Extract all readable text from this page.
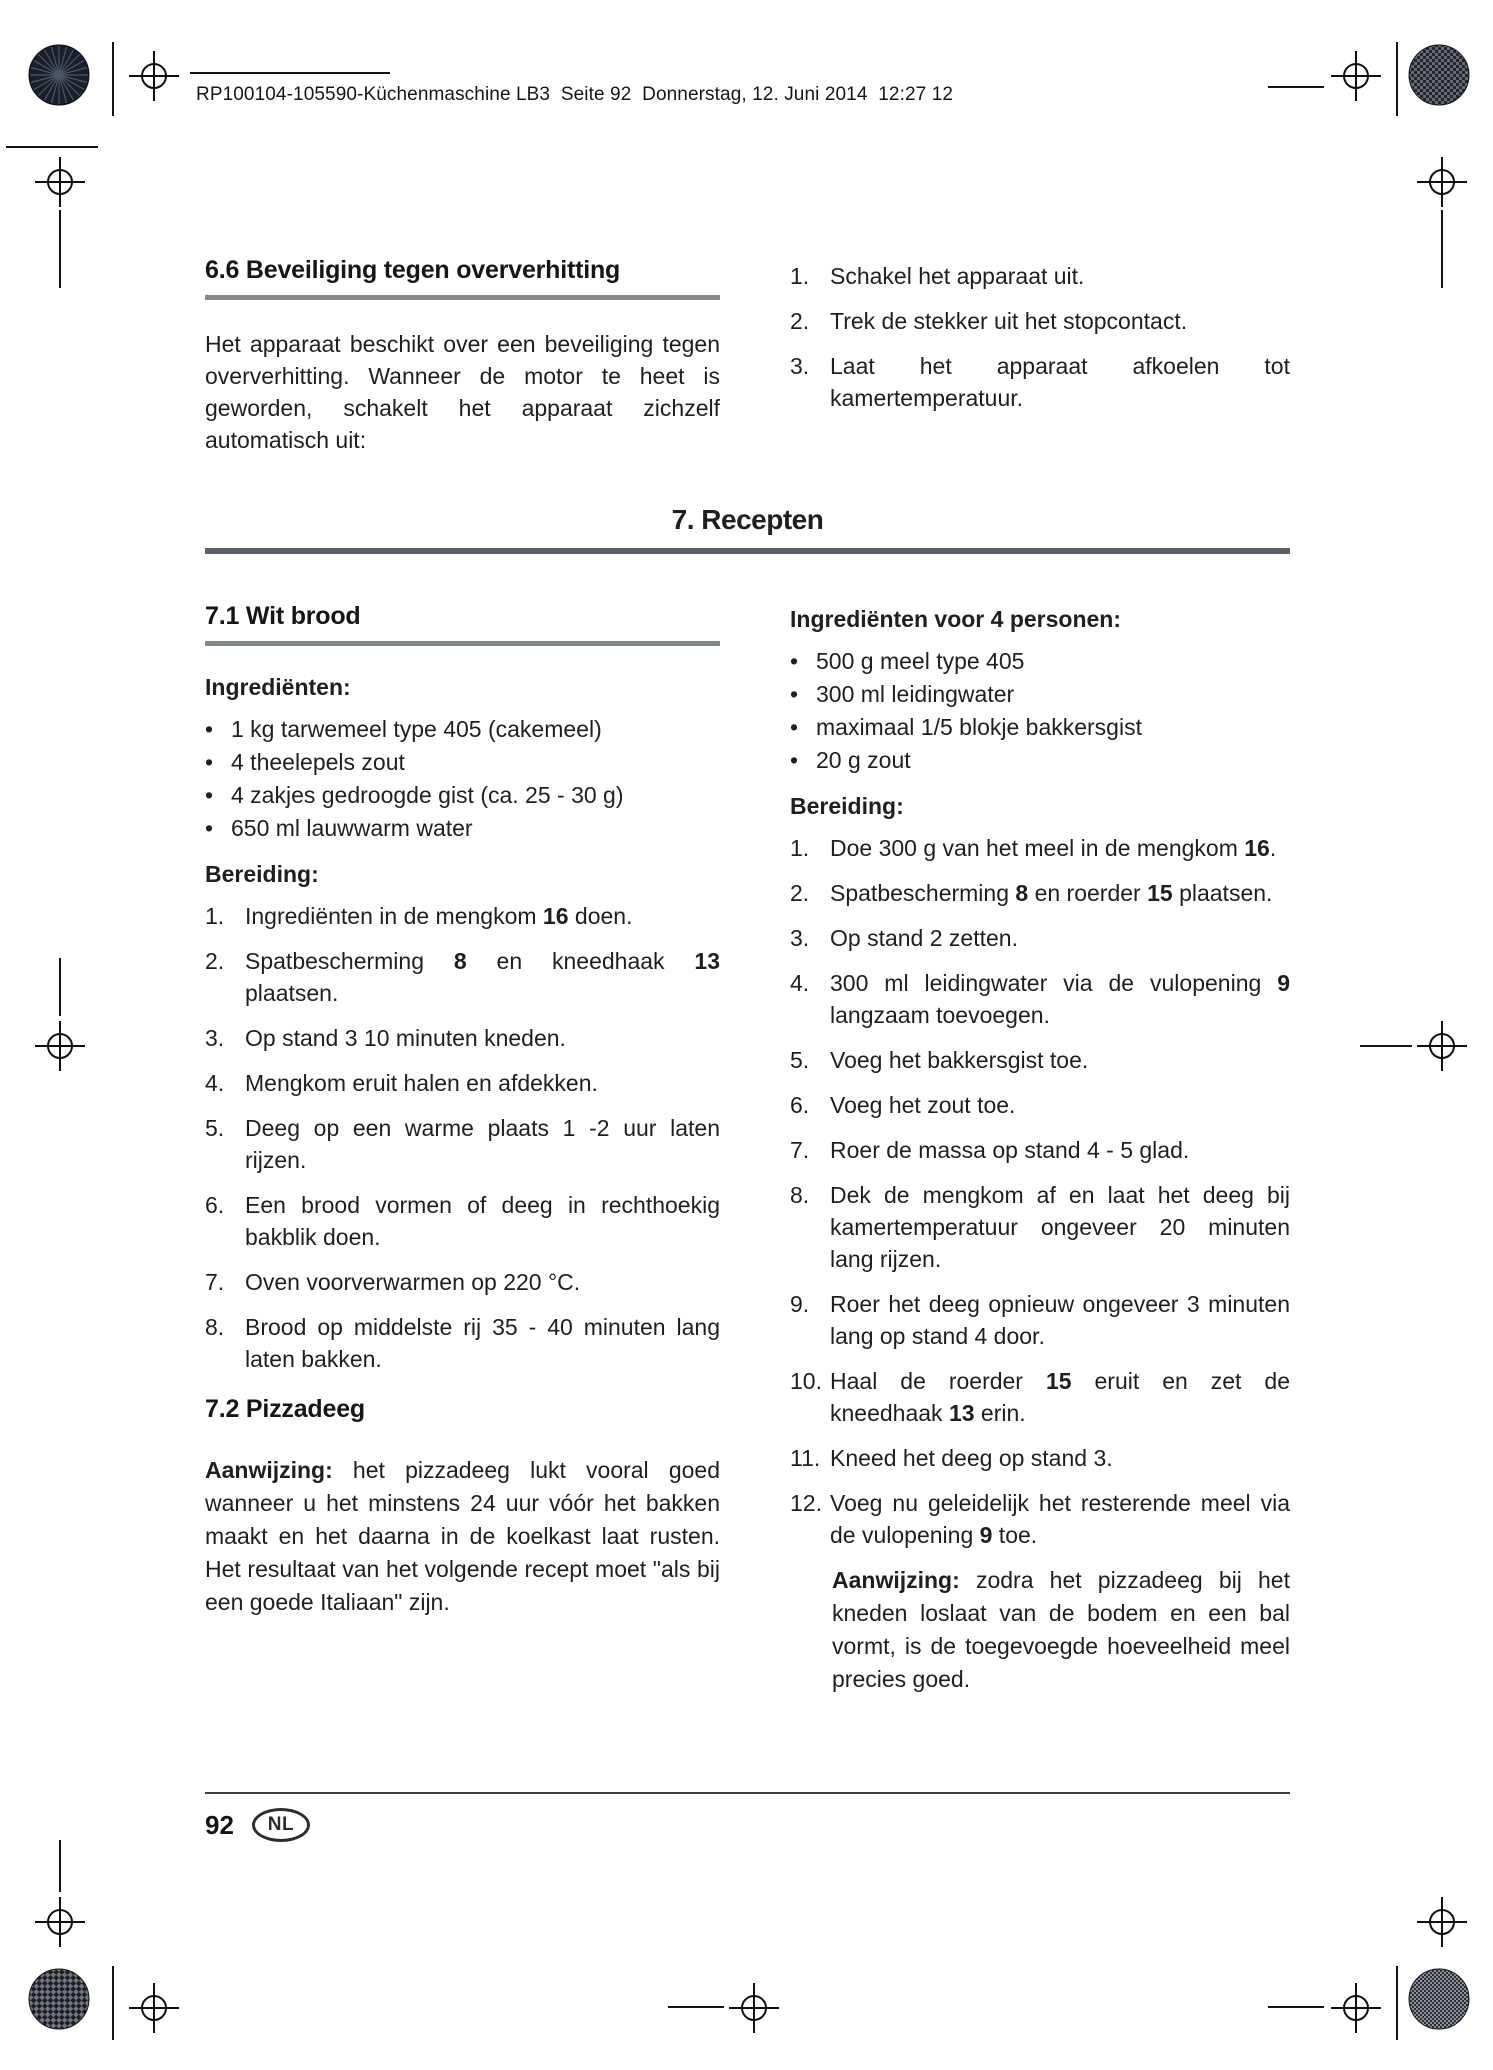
RP100104-105590-Küchenmaschine LB3  Seite 92  Donnerstag, 12. Juni 2014  12:27 12
6.6 Beveiliging tegen oververhitting

Het apparaat beschikt over een beveiliging tegen oververhitting. Wanneer de motor te heet is geworden, schakelt het apparaat zichzelf automatisch uit:

1. Schakel het apparaat uit.
2. Trek de stekker uit het stopcontact.
3. Laat het apparaat afkoelen tot kamertemperatuur.
7. Recepten
7.1 Wit brood
Ingrediënten:
• 1 kg tarwemeel type 405 (cakemeel)
• 4 theelepels zout
• 4 zakjes gedroogde gist (ca. 25 - 30 g)
• 650 ml lauwwarm water
Bereiding:
1. Ingrediënten in de mengkom 16 doen.
2. Spatbescherming 8 en kneedhaak 13 plaatsen.
3. Op stand 3 10 minuten kneden.
4. Mengkom eruit halen en afdekken.
5. Deeg op een warme plaats 1 -2 uur laten rijzen.
6. Een brood vormen of deeg in rechthoekig bakblik doen.
7. Oven voorverwarmen op 220 °C.
8. Brood op middelste rij 35 - 40 minuten lang laten bakken.
7.2 Pizzadeeg

Aanwijzing: het pizzadeeg lukt vooral goed wanneer u het minstens 24 uur vóór het bakken maakt en het daarna in de koelkast laat rusten. Het resultaat van het volgende recept moet "als bij een goede Italiaan" zijn.

Ingrediënten voor 4 personen:
• 500 g meel type 405
• 300 ml leidingwater
• maximaal 1/5 blokje bakkersgist
• 20 g zout
Bereiding:
1. Doe 300 g van het meel in de mengkom 16.
2. Spatbescherming 8 en roerder 15 plaatsen.
3. Op stand 2 zetten.
4. 300 ml leidingwater via de vulopening 9 langzaam toevoegen.
5. Voeg het bakkersgist toe.
6. Voeg het zout toe.
7. Roer de massa op stand 4 - 5 glad.
8. Dek de mengkom af en laat het deeg bij kamertemperatuur ongeveer 20 minuten lang rijzen.
9. Roer het deeg opnieuw ongeveer 3 minuten lang op stand 4 door.
10. Haal de roerder 15 eruit en zet de kneedhaak 13 erin.
11. Kneed het deeg op stand 3.
12. Voeg nu geleidelijk het resterende meel via de vulopening 9 toe.

Aanwijzing: zodra het pizzadeeg bij het kneden loslaat van de bodem en een bal vormt, is de toegevoegde hoeveelheid meel precies goed.

92	NL
